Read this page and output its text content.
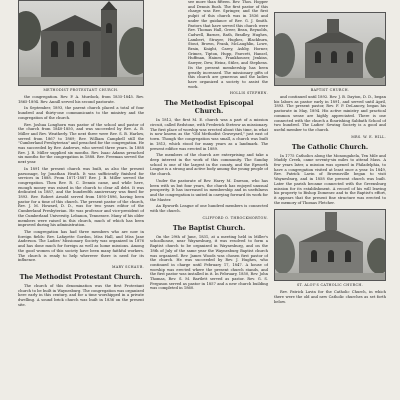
METHODIST PROTESTANT CHURCH.

the congregation. Rev. P. A. Murdock, from 1835-1845. Rev. 1865-1894. Rev. Annill served his second pastorate.

In September, 1893, the parent church placed a total of four hundred and thirty-one communicants to the ministry and the congregation of the church.

Rev. Joshua Longhorn was pastor of the school and pastor of the church from 1840-1850, and was succeeded by Rev. A. B. Miller and Rev. Weatherly. The next three were Rev. S. B. Harlow, served from 1867 to 1869; Rev. William Campbell still the "Cumberland Presbyterian" and preached for the congregation. He was succeeded by Rev. Andrews, who served three years. In 1888 Rev. J. R. Miller supplied six months. Rev. Isaac Adams preached six months for the congregation in 1888. Rev. Freeman served the next year.

In 1891 the present church was built, as also the present parsonage, by Jonathan Heath. It was sufficiently finished for services in 1888. From 1871-1887 Rev. J. B. Miller served the congregation. Then Rev. R. C. Dennis came, and while here, enough money was raised in the church to clear all debt. It was dedicated in 1887, and the hundredth anniversary was fixed for 1893. Rev. Robert Arnold served from 1895-1896, having been pastor for a time of this church. The present pastor of the church, Rev. J. M. Howard, D. D., was for two years editor of the Cumberland Presbyterian. He was professor and vice-president of the Cumberland University, Lebanon, Tennessee. Many of his older members were raised in this church, much of which has been improved during his administration.

The congregation has had three members who are now in foreign fields: Rev. Lafayette Gordon, Miss Hall, and Miss Jane Anderson. The Ladies' Missionary Society was organized in 1876 and has done much for foreign as well as home missions. Among the good women of this society have been many faithful workers. The church is ready to help wherever there is need for its influence.

MARY SCHAUB.
The Methodist Protestant Church.

The church of this denomination was the first Protestant church to be built in Waynesburg. The congregation was organized here early in this century, and for a time worshipped in a private dwelling. A sound brick church was built in 1836 on the present site.

see more than fifteen. Rev. Thos. Hopper and Dennis Rush. The first pastor of this charge was Rev. Springer, and the first pulpit of this church was in 1836 and under the guidance of Rev. G. J. Smith. Pastors that have served this church were Rev. Thomas Hall, Greer, Bean, Reynolds, Cadwell, Barnes, Bath, Bradley, Hughes, Lambert, Strayer, Hughes, Blackburn, Stout, Brown, Frank, McLaughlin, Lowe, Brain, Knight, Carey, Ashby, Horner, Grimes, Tipton, Hupp, Fawcett, Hansel, Huffman, Haines, Frankhouser, Jenkins, Sawyer, Dew, Heinz, Stiles, and Stephens. Its the present membership has been greatly increased. The missionary gifts of this church are generous and the ladies have organized a society to assist the work.

HOLLIS STEPHEN.
The Methodist Episcopal Church.

In 1812, the first M. E. church was a part of a mission circuit, called Redstone, with Frederick Stetrow as missionary. The first place of worship was erected about this time, in what is now known as the "Old Methodist Graveyard," just east of town. Though the congregation was small, a church was built in 1813, which stood for many years as a landmark. The present edifice was erected in 1889.

The members of the church are enterprising and take a deep interest in the work of this community. The Sunday school is one of the largest in the county, and the Epworth League is a strong and active body among the young people of the church.

Under the pastorate of Rev. Harry M. Dawson, who has been with us but four years, the church has enjoyed unusual prosperity. It has increased in membership and in usefulness and the congregation is united in carrying forward its work for the Master.

An Epworth League of one hundred members is connected with the church.

CLIFFORD O. THROCKMORTON.
The Baptist Church.

On the 29th of June, 1831, at a meeting held in Miller's schoolhouse, near Waynesburg, it was resolved to form a Baptist church to be organized in Waynesburg, and on the 18th of July of the same year the Waynesburg Baptist church was organized. Rev. James Woods was chosen first pastor of the church. He was succeeded by Rev. J. Hughes, who continued in charge until February 17, 1847. A house of worship was erected where the present church stands, and the first pastor was installed in it. In February, 1850, Rev. John Thomas, Rev. S. M. Bartlett served as pastor. Rev. G. S. Ferguson served as pastor in 1857 and a new church building was completed in 1860.

BAPTIST CHURCH.

and continued until 1892. Rev. J. B. Dayton, D. D., began his labors as pastor early in 1891, and served until April, 1893. The present pastor, Rev. F. P. DeLancey, began his pastorate in May, 1894. His active ministry and practical common sense are highly appreciated. There is one connected with the church a flourishing Sabbath School of two hundred. The Ladies' Sewing Society is a good and useful member to the church.

MRS. W. E. HILL.
The Catholic Church.

In 1775 Catholics along the Monongahela, Ten Mile and Muddy Creek, came seventy-six miles to attend Mass. A few years later, a mission was opened in Philadelphia, to have a congregation visited at least once a year. In 1849, Rev. Patrick Lavin of Brownsville began to visit Waynesburg, and in 1858 the present church was built. Later the parish became connected with the Greensburg mission for its establishment. A record of his will leaving his property to Bishop Domenec and to the Baptist's effort, it appears that the present fine structure was erected to the memory of Thomas Fletcher.

ST. ALOY'S CATHOLIC CHURCH.

Rev. Patrick Lavin for the Catholic Church, in which there were the old and new Catholic churches as set forth below.
